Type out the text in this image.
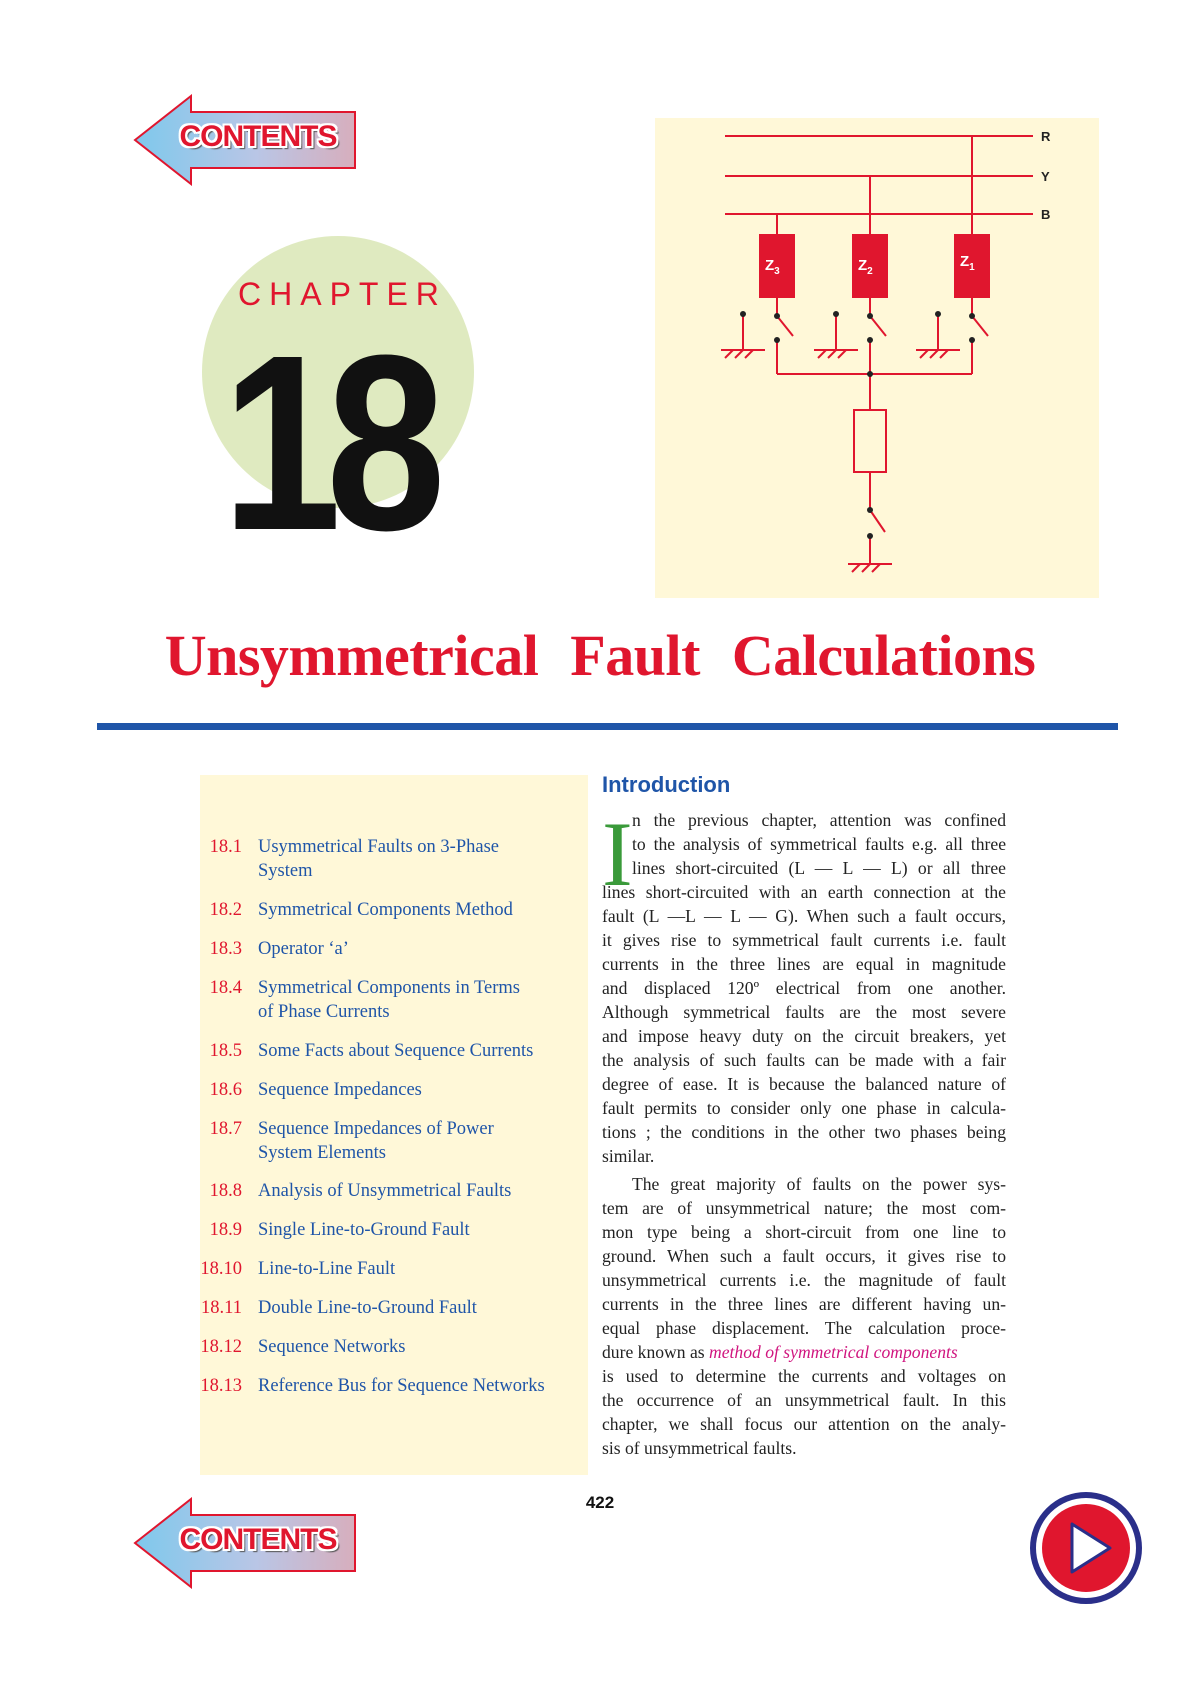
CONTENTS
CONTENTS
CHAPTER
18
$Z_3$	$Z_2$
$Z_1$
R
Y
B
Unsymmetrical Fault Calculations
18.1 Usymmetrical Faults on 3-Phase
System
18.2 Symmetrical Components Method
18.3 Operator ‘a’
18.4 Symmetrical Components in Terms
of Phase Currents
18.5 Some Facts about Sequence Currents
18.6 Sequence Impedances
18.7 Sequence Impedances of Power
System Elements
18.8 Analysis of Unsymmetrical Faults
18.9 Single Line-to-Ground Fault
18.10 Line-to-Line Fault
18.11 Double Line-to-Ground Fault
18.12 Sequence Networks
18.13 Reference Bus for Sequence Networks
Introduction
I n the previous chapter, attention was confined
to the analysis of symmetrical faults e.g. all three
lines short-circuited (L — L — L) or all three
lines short-circuited with an earth connection at the
fault (L —L — L — G). When such a fault occurs,
it gives rise to symmetrical fault currents i.e. fault
currents in the three lines are equal in magnitude
and displaced 120º electrical from one another.
Although symmetrical faults are the most severe
and impose heavy duty on the circuit breakers, yet
the analysis of such faults can be made with a fair
degree of ease. It is because the balanced nature of
fault permits to consider only one phase in calcula-
tions ; the conditions in the other two phases being
similar.
The great majority of faults on the power sys-
tem are of unsymmetrical nature; the most com-
mon type being a short-circuit from one line to
ground. When such a fault occurs, it gives rise to
unsymmetrical currents i.e. the magnitude of fault
currents in the three lines are different having un-
equal phase displacement. The calculation proce-
dure known as method of symmetrical components
is used to determine the currents and voltages on
the occurrence of an unsymmetrical fault. In this
chapter, we shall focus our attention on the analy-
sis of unsymmetrical faults.
422
